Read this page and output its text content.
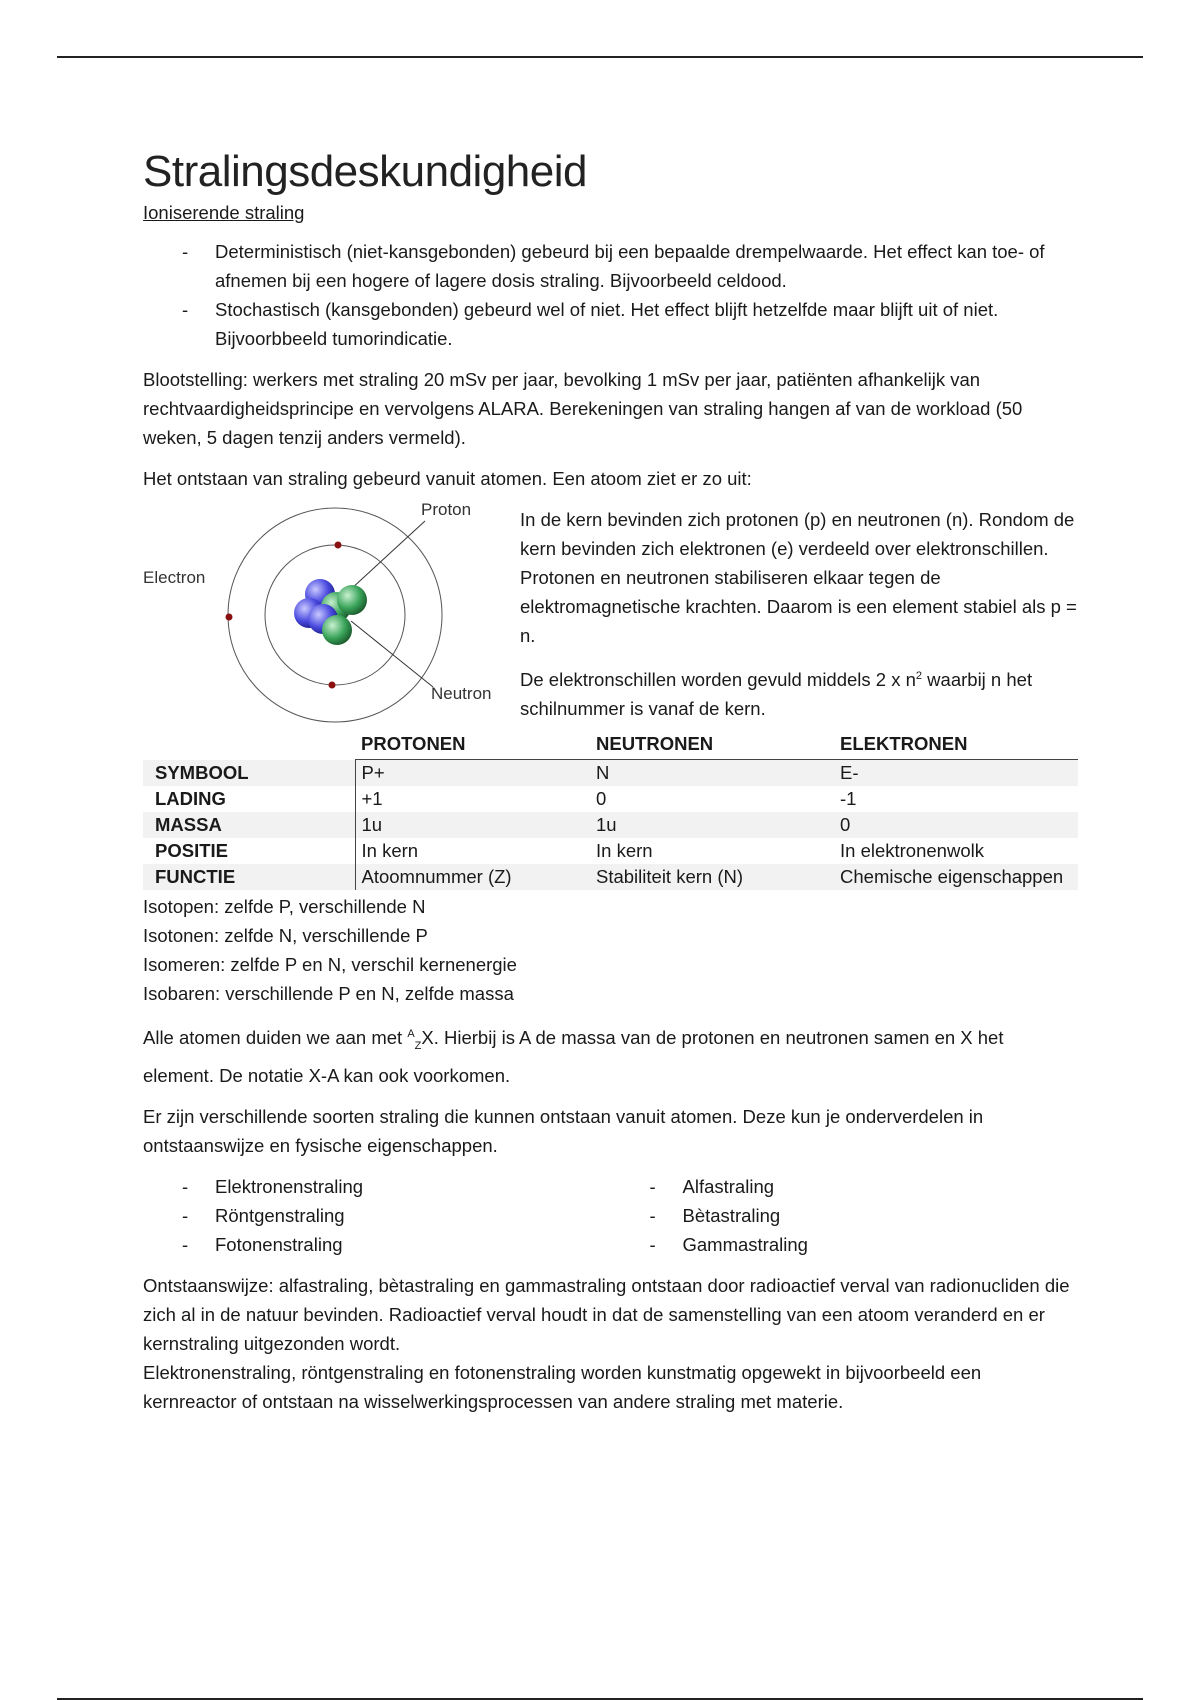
Stralingsdeskundigheid
Ioniserende straling
- Deterministisch (niet-kansgebonden) gebeurd bij een bepaalde drempelwaarde. Het effect kan toe- of afnemen bij een hogere of lagere dosis straling. Bijvoorbeeld celdood.
- Stochastisch (kansgebonden) gebeurd wel of niet. Het effect blijft hetzelfde maar blijft uit of niet. Bijvoorbbeeld tumorindicatie.

Blootstelling: werkers met straling 20 mSv per jaar, bevolking 1 mSv per jaar, patiënten afhankelijk van rechtvaardigheidsprincipe en vervolgens ALARA. Berekeningen van straling hangen af van de workload (50 weken, 5 dagen tenzij anders vermeld).

Het ontstaan van straling gebeurd vanuit atomen. Een atoom ziet er zo uit:

Proton
Electron
Neutron

In de kern bevinden zich protonen (p) en neutronen (n). Rondom de kern bevinden zich elektronen (e) verdeeld over elektronschillen. Protonen en neutronen stabiliseren elkaar tegen de elektromagnetische krachten. Daarom is een element stabiel als p = n.

De elektronschillen worden gevuld middels 2 x $n^2$ waarbij n het schilnummer is vanaf de kern.

	PROTONEN	NEUTRONEN	ELEKTRONEN
SYMBOOL	P+	N	E-
LADING	+1	0	-1
MASSA	1u	1u	0
POSITIE	In kern	In kern	In elektronenwolk
FUNCTIE	Atoomnummer (Z)	Stabiliteit kern (N)	Chemische eigenschappen

Isotopen: zelfde P, verschillende N

Isotonen: zelfde N, verschillende P

Isomeren: zelfde P en N, verschil kernenergie

Isobaren: verschillende P en N, zelfde massa

Alle atomen duiden we aan met $^A_Z$X. Hierbij is A de massa van de protonen en neutronen samen en X het element. De notatie X-A kan ook voorkomen.

Er zijn verschillende soorten straling die kunnen ontstaan vanuit atomen. Deze kun je onderverdelen in ontstaanswijze en fysische eigenschappen.

- Elektronenstraling
- Röntgenstraling
- Fotonenstraling
- Alfastraling
- Bètastraling
- Gammastraling

Ontstaanswijze: alfastraling, bètastraling en gammastraling ontstaan door radioactief verval van radionucliden die zich al in de natuur bevinden. Radioactief verval houdt in dat de samenstelling van een atoom veranderd en er kernstraling uitgezonden wordt.

Elektronenstraling, röntgenstraling en fotonenstraling worden kunstmatig opgewekt in bijvoorbeeld een kernreactor of ontstaan na wisselwerkingsprocessen van andere straling met materie.
